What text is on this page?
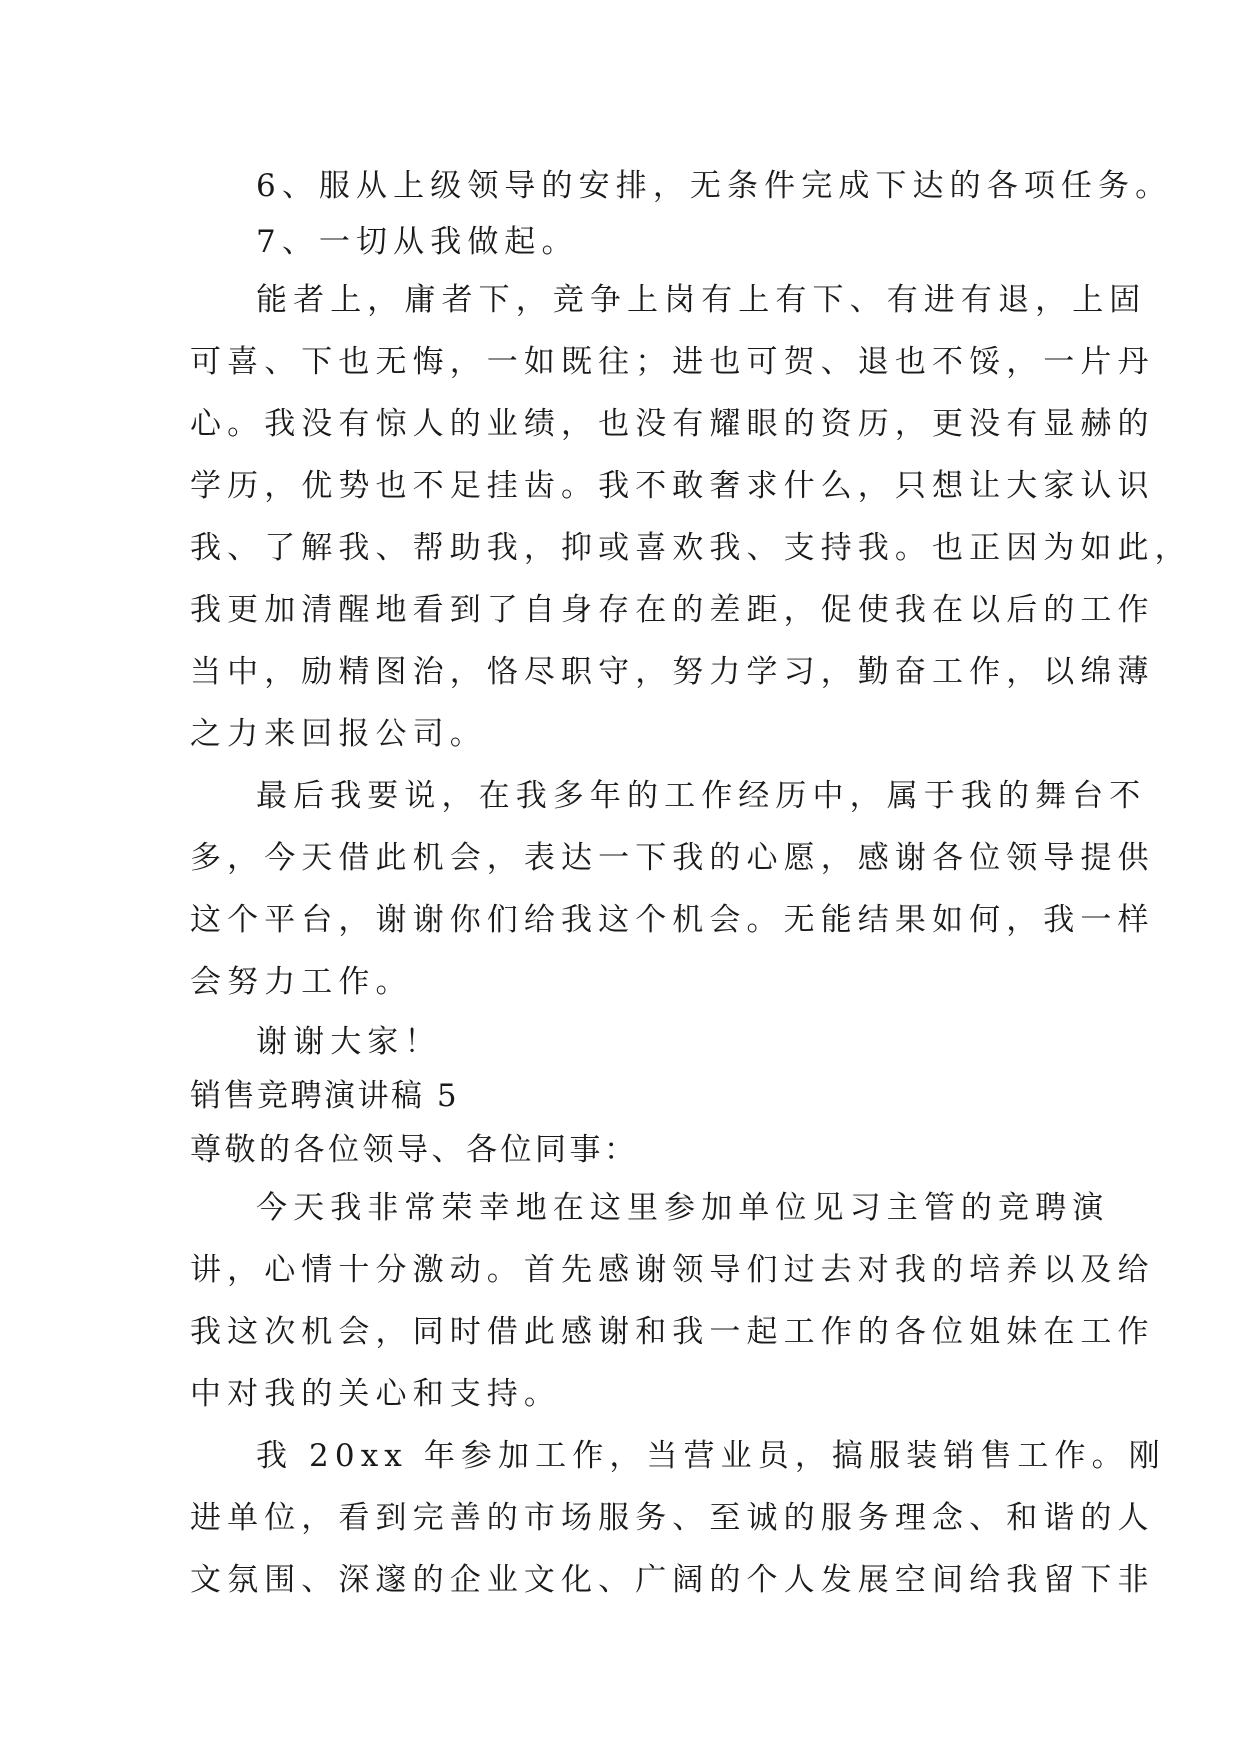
6、服从上级领导的安排，无条件完成下达的各项任务。

7、一切从我做起。

能者上，庸者下，竞争上岗有上有下、有进有退，上固

可喜、下也无悔，一如既往；进也可贺、退也不馁，一片丹

心。我没有惊人的业绩，也没有耀眼的资历，更没有显赫的

学历，优势也不足挂齿。我不敢奢求什么，只想让大家认识

我、了解我、帮助我，抑或喜欢我、支持我。也正因为如此，

我更加清醒地看到了自身存在的差距，促使我在以后的工作

当中，励精图治，恪尽职守，努力学习，勤奋工作，以绵薄

之力来回报公司。

最后我要说，在我多年的工作经历中，属于我的舞台不

多，今天借此机会，表达一下我的心愿，感谢各位领导提供

这个平台，谢谢你们给我这个机会。无能结果如何，我一样

会努力工作。

谢谢大家！

销售竞聘演讲稿 5

尊敬的各位领导、各位同事：

今天我非常荣幸地在这里参加单位见习主管的竞聘演

讲，心情十分激动。首先感谢领导们过去对我的培养以及给

我这次机会，同时借此感谢和我一起工作的各位姐妹在工作

中对我的关心和支持。

我 20xx 年参加工作，当营业员，搞服装销售工作。刚

进单位，看到完善的市场服务、至诚的服务理念、和谐的人

文氛围、深邃的企业文化、广阔的个人发展空间给我留下非
